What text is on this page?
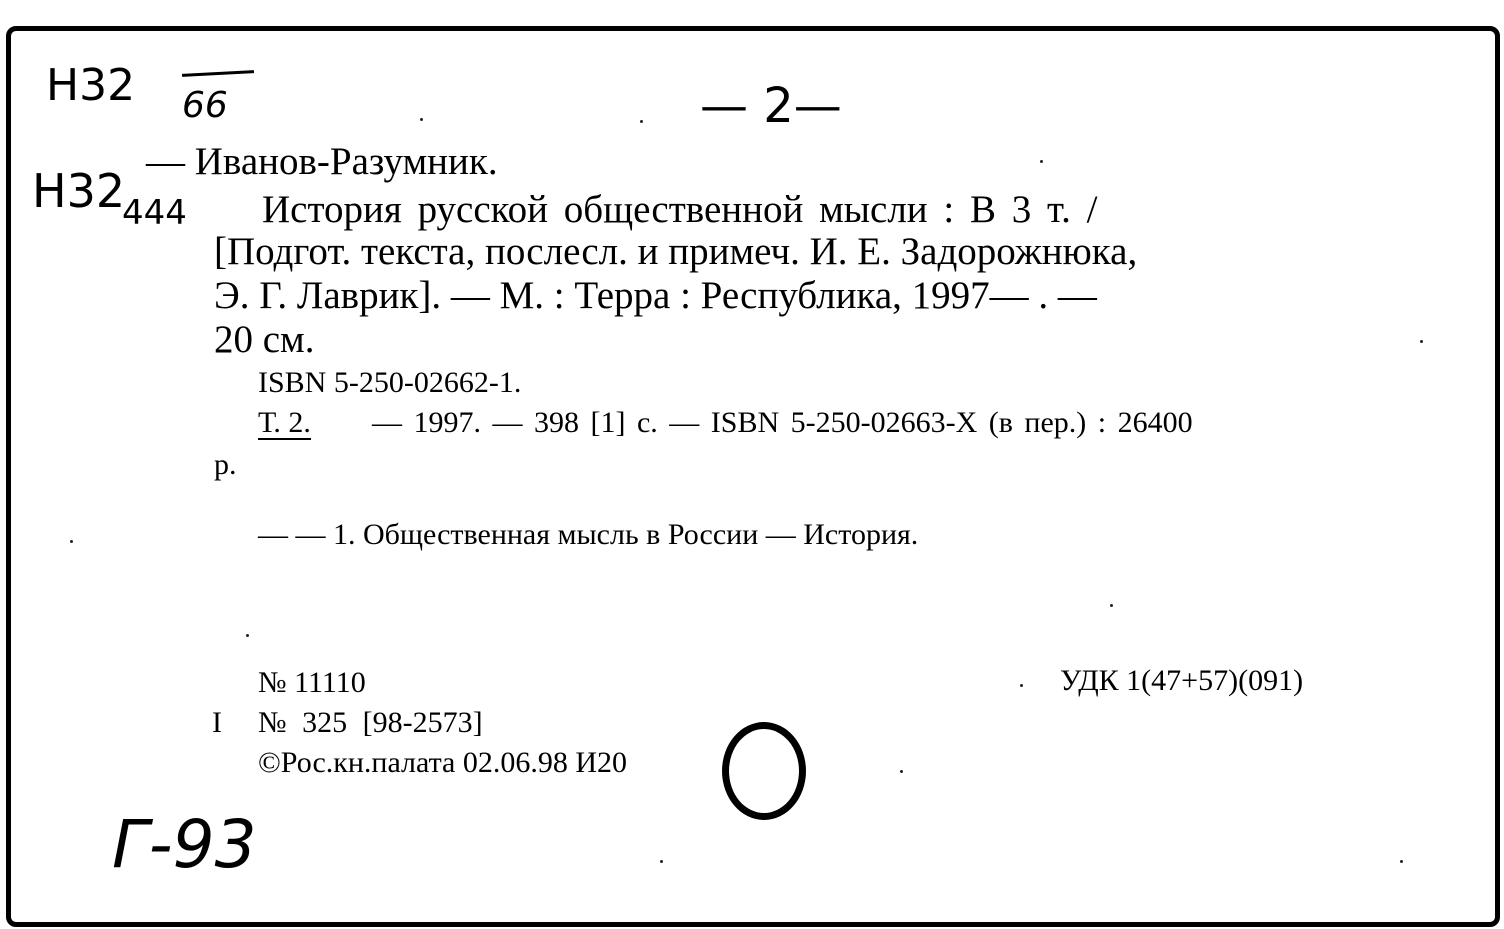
Н32 66	— 2—
Н32
444
Г-93
— Иванов-Разумник.
История русской общественной мысли : В 3 т. /
[Подгот. текста, послесл. и примеч. И. Е. Задорожнюка,
Э. Г. Лаврик]. — М. : Терра : Республика, 1997— . —
20 см.
ISBN 5-250-02662-1.
Т. 2. — 1997. — 398 [1] с. — ISBN 5-250-02663-Х (в пер.) : 26400
р.
— — 1. Общественная мысль в России — История.
№ 11110	УДК 1(47+57)(091)
I № 325 [98-2573]
©Рос.кн.палата 02.06.98 И20
